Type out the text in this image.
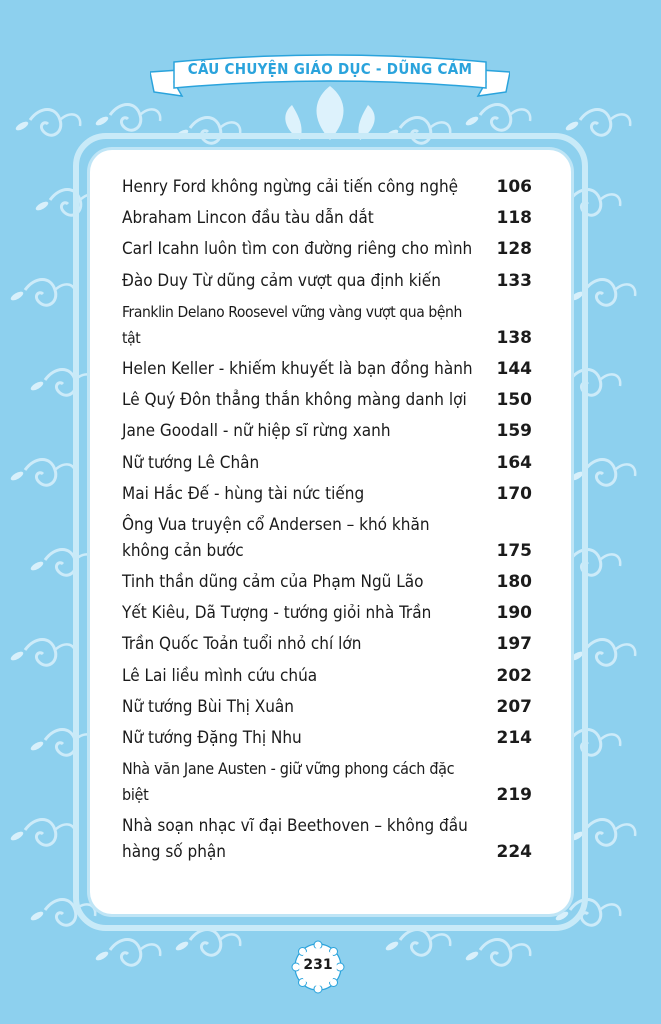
CÂU CHUYỆN GIÁO DỤC - DŨNG CẢM
Henry Ford không ngừng cải tiến công nghệ	106
Abraham Lincon đầu tàu dẫn dắt	118
Carl Icahn luôn tìm con đường riêng cho mình	128
Đào Duy Từ dũng cảm vượt qua định kiến	133
Franklin Delano Roosevel vững vàng vượt qua bệnh tật	138
Helen Keller - khiếm khuyết là bạn đồng hành	144
Lê Quý Đôn thẳng thắn không màng danh lợi	150
Jane Goodall - nữ hiệp sĩ rừng xanh	159
Nữ tướng Lê Chân	164
Mai Hắc Đế - hùng tài nức tiếng	170
Ông Vua truyện cổ Andersen – khó khăn không cản bước	175
Tinh thần dũng cảm của Phạm Ngũ Lão	180
Yết Kiêu, Dã Tượng - tướng giỏi nhà Trần	190
Trần Quốc Toản tuổi nhỏ chí lớn	197
Lê Lai liều mình cứu chúa	202
Nữ tướng Bùi Thị Xuân	207
Nữ tướng Đặng Thị Nhu	214
Nhà văn Jane Austen - giữ vững phong cách đặc biệt	219
Nhà soạn nhạc vĩ đại Beethoven – không đầu hàng số phận	224
231
